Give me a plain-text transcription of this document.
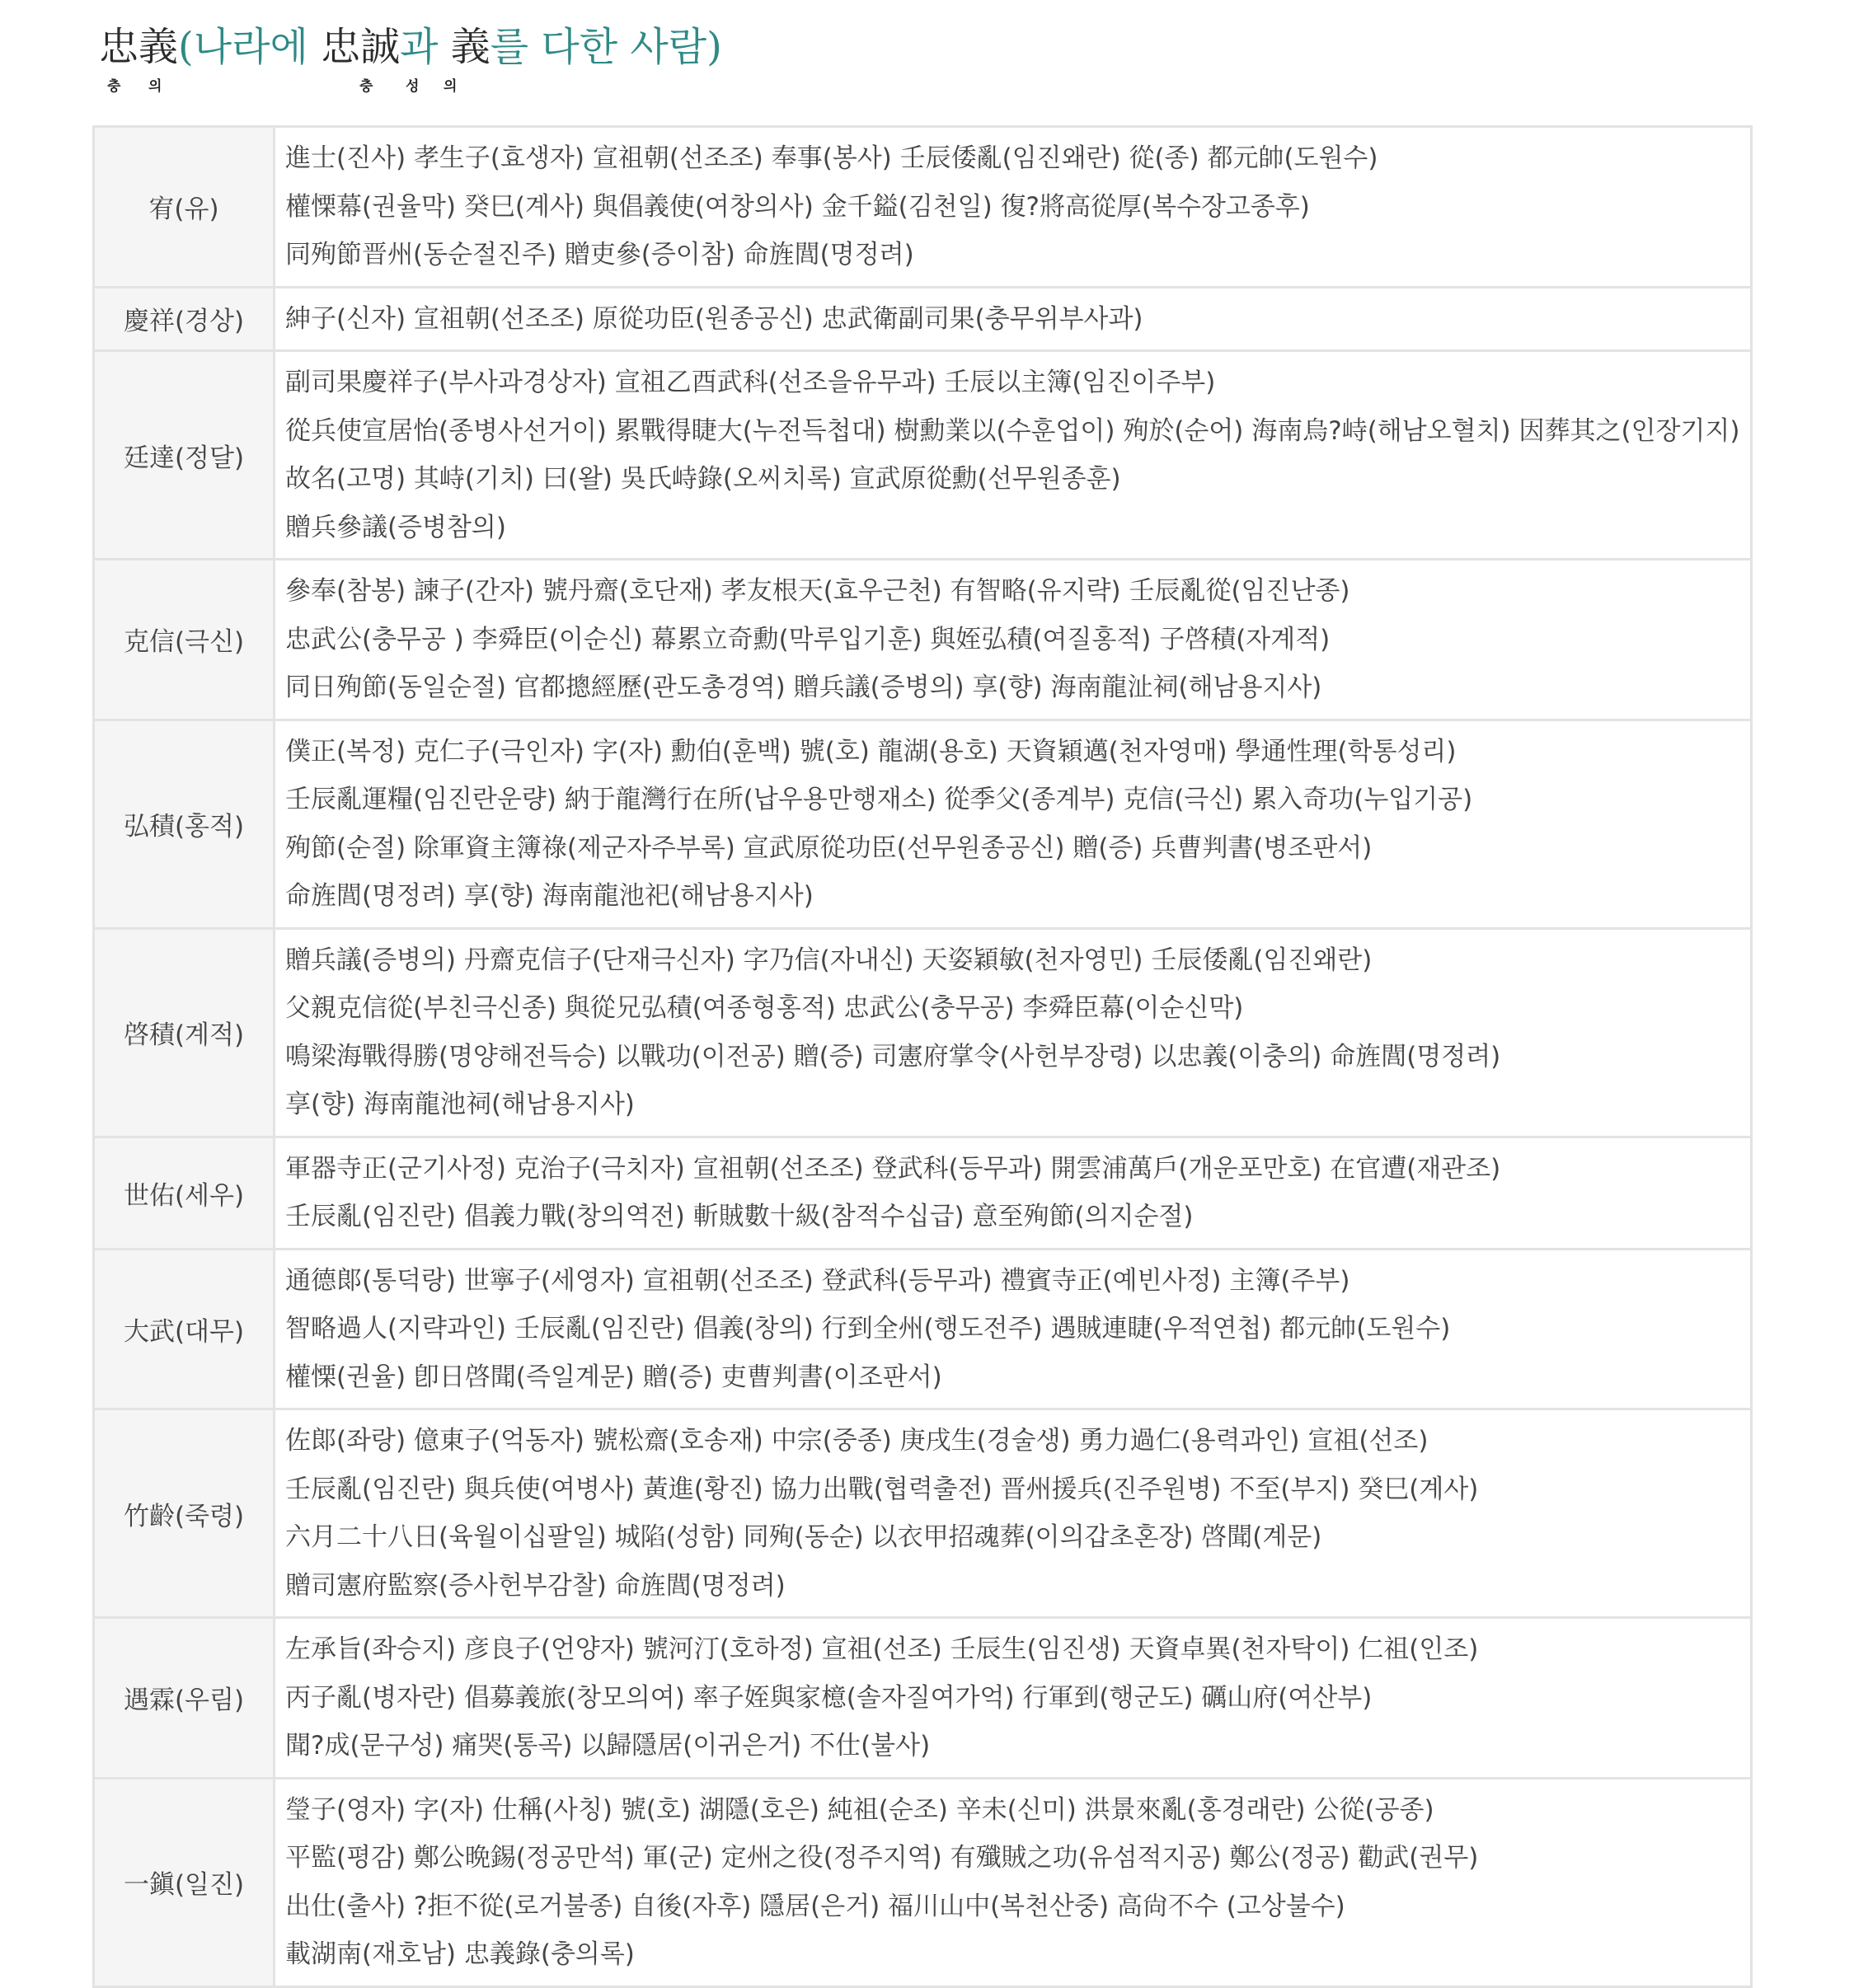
忠義(나라에 忠誠과 義를 다한 사람)
충 의	충 성 의
宥(유)	進士(진사) 孝生子(효생자) 宣祖朝(선조조) 奉事(봉사) 壬辰倭亂(임진왜란) 從(종) 都元帥(도원수)
權慄幕(권율막) 癸巳(계사) 與倡義使(여창의사) 金千鎰(김천일) 復?將高從厚(복수장고종후)
同殉節晋州(동순절진주) 贈吏參(증이참) 命旌閭(명정려)

慶祥(경상)	紳子(신자) 宣祖朝(선조조) 原從功臣(원종공신) 忠武衛副司果(충무위부사과)

廷達(정달)	副司果慶祥子(부사과경상자) 宣祖乙酉武科(선조을유무과) 壬辰以主簿(임진이주부)
從兵使宣居怡(종병사선거이) 累戰得睫大(누전득첩대) 樹勳業以(수훈업이) 殉於(순어) 海南烏?峙(해남오혈치) 因葬其之(인장기지) 故名(고명) 其峙(기치) 曰(왈) 吳氏峙錄(오씨치록) 宣武原從勳(선무원종훈)
贈兵參議(증병참의)

克信(극신)	參奉(참봉) 諫子(간자) 號丹齋(호단재) 孝友根天(효우근천) 有智略(유지략) 壬辰亂從(임진난종)
忠武公(충무공 ) 李舜臣(이순신) 幕累立奇勳(막루입기훈) 與姪弘積(여질홍적) 子啓積(자계적)
同日殉節(동일순절) 官都摠經歷(관도총경역) 贈兵議(증병의) 享(향) 海南龍沚祠(해남용지사)

弘積(홍적)	僕正(복정) 克仁子(극인자) 字(자) 勳伯(훈백) 號(호) 龍湖(용호) 天資穎邁(천자영매) 學通性理(학통성리)
壬辰亂運糧(임진란운량) 納于龍灣行在所(납우용만행재소) 從季父(종계부) 克信(극신) 累入奇功(누입기공)
殉節(순절) 除軍資主簿祿(제군자주부록) 宣武原從功臣(선무원종공신) 贈(증) 兵曹判書(병조판서)
命旌閭(명정려) 享(향) 海南龍池祀(해남용지사)

啓積(계적)	贈兵議(증병의) 丹齋克信子(단재극신자) 字乃信(자내신) 天姿穎敏(천자영민) 壬辰倭亂(임진왜란)
父親克信從(부친극신종) 與從兄弘積(여종형홍적) 忠武公(충무공) 李舜臣幕(이순신막)
鳴梁海戰得勝(명양해전득승) 以戰功(이전공) 贈(증) 司憲府掌令(사헌부장령) 以忠義(이충의) 命旌閭(명정려)
享(향) 海南龍池祠(해남용지사)

世佑(세우)	軍器寺正(군기사정) 克治子(극치자) 宣祖朝(선조조) 登武科(등무과) 開雲浦萬戶(개운포만호) 在官遭(재관조)
壬辰亂(임진란) 倡義力戰(창의역전) 斬賊數十級(참적수십급) 意至殉節(의지순절)

大武(대무)	通德郞(통덕랑) 世寧子(세영자) 宣祖朝(선조조) 登武科(등무과) 禮賓寺正(예빈사정) 主簿(주부)
智略過人(지략과인) 壬辰亂(임진란) 倡義(창의) 行到全州(행도전주) 遇賊連睫(우적연첩) 都元帥(도원수)
權慄(권율) 卽日啓聞(즉일계문) 贈(증) 吏曹判書(이조판서)

竹齡(죽령)	佐郞(좌랑) 億東子(억동자) 號松齋(호송재) 中宗(중종) 庚戌生(경술생) 勇力過仁(용력과인) 宣祖(선조)
壬辰亂(임진란) 與兵使(여병사) 黃進(황진) 協力出戰(협력출전) 晋州援兵(진주원병) 不至(부지) 癸巳(계사)
六月二十八日(육월이십팔일) 城陷(성함) 同殉(동순) 以衣甲招魂葬(이의갑초혼장) 啓聞(계문)
贈司憲府監察(증사헌부감찰) 命旌閭(명정려)

遇霖(우림)	左承旨(좌승지) 彦良子(언양자) 號河汀(호하정) 宣祖(선조) 壬辰生(임진생) 天資卓異(천자탁이) 仁祖(인조)
丙子亂(병자란) 倡募義旅(창모의여) 率子姪與家檍(솔자질여가억) 行軍到(행군도) 礪山府(여산부)
聞?成(문구성) 痛哭(통곡) 以歸隱居(이귀은거) 不仕(불사)

一鎭(일진)	瑩子(영자) 字(자) 仕稱(사칭) 號(호) 湖隱(호은) 純祖(순조) 辛未(신미) 洪景來亂(홍경래란) 公從(공종)
平監(평감) 鄭公晩錫(정공만석) 軍(군) 定州之役(정주지역) 有殲賊之功(유섬적지공) 鄭公(정공) 勸武(권무)
出仕(출사) ?拒不從(로거불종) 自後(자후) 隱居(은거) 福川山中(복천산중) 高尙不수 (고상불수)
載湖南(재호남) 忠義錄(충의록)
